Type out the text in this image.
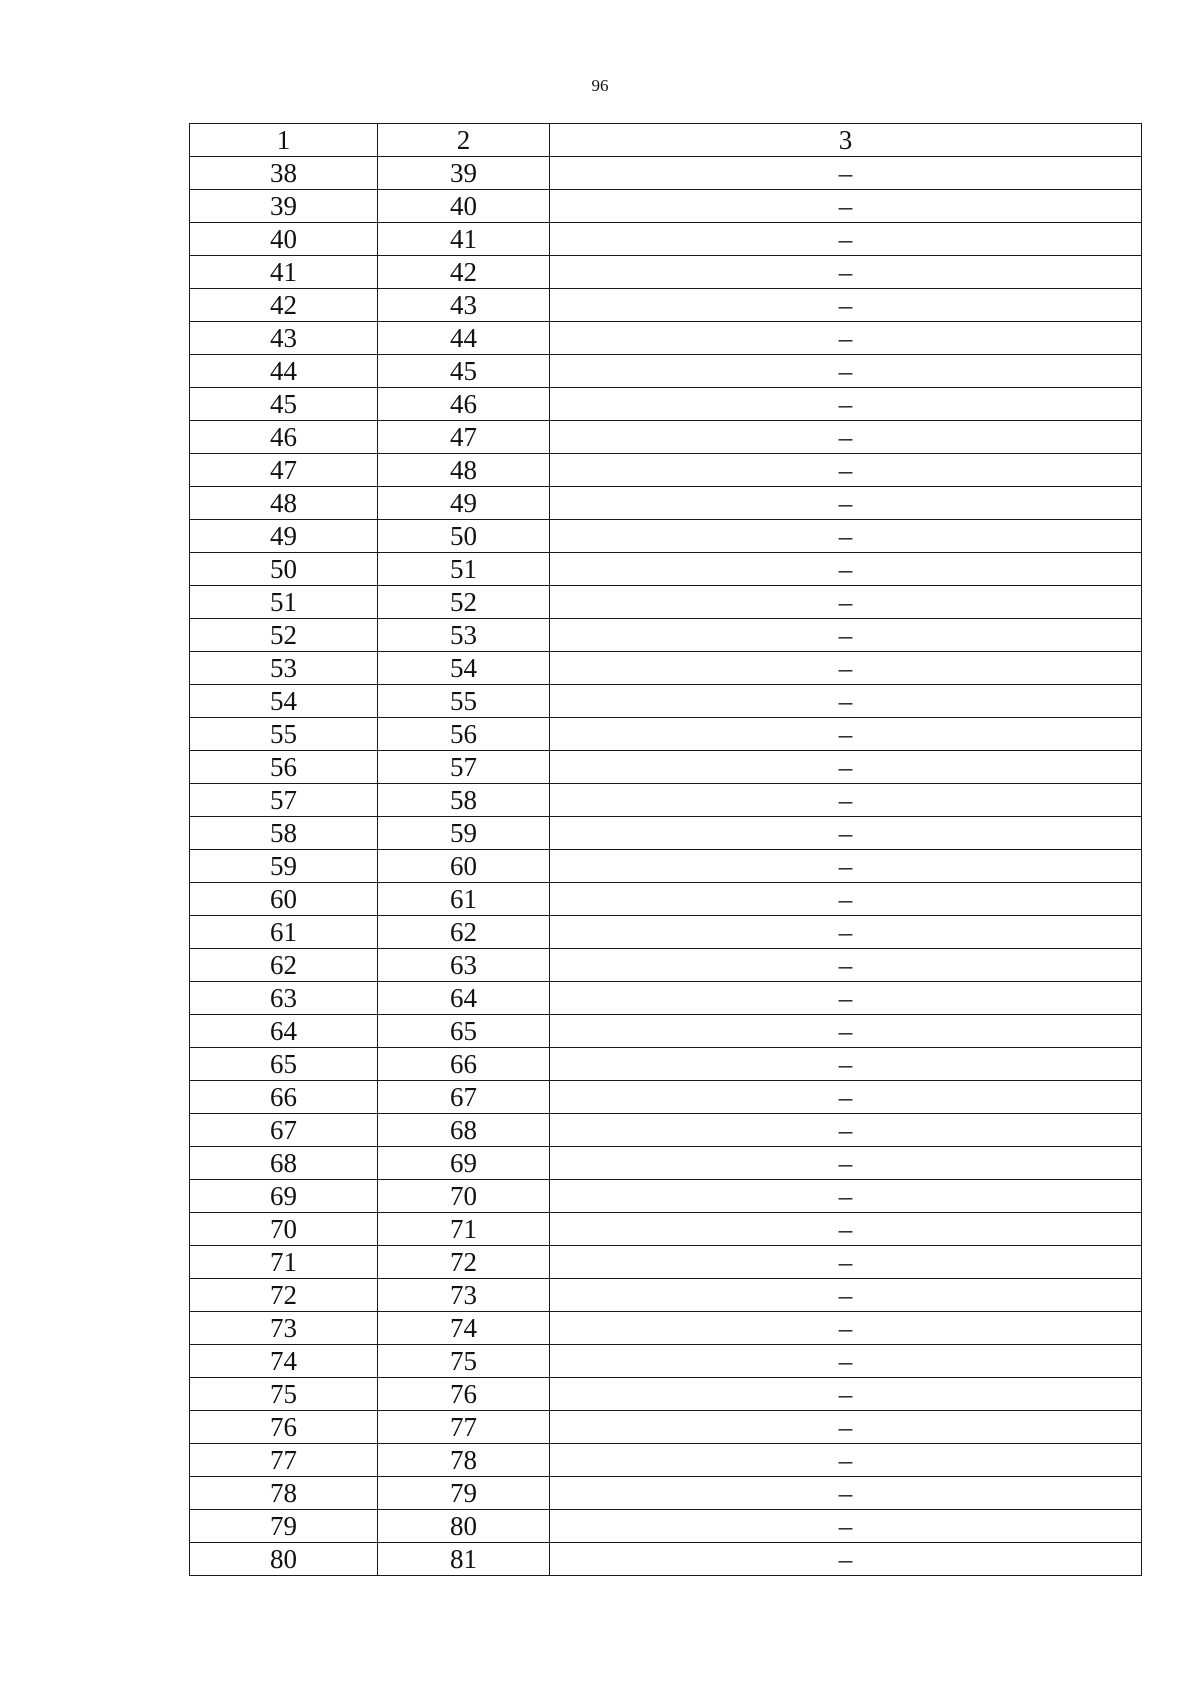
96
1	2	3
38	39	–
39	40	–
40	41	–
41	42	–
42	43	–
43	44	–
44	45	–
45	46	–
46	47	–
47	48	–
48	49	–
49	50	–
50	51	–
51	52	–
52	53	–
53	54	–
54	55	–
55	56	–
56	57	–
57	58	–
58	59	–
59	60	–
60	61	–
61	62	–
62	63	–
63	64	–
64	65	–
65	66	–
66	67	–
67	68	–
68	69	–
69	70	–
70	71	–
71	72	–
72	73	–
73	74	–
74	75	–
75	76	–
76	77	–
77	78	–
78	79	–
79	80	–
80	81	–
